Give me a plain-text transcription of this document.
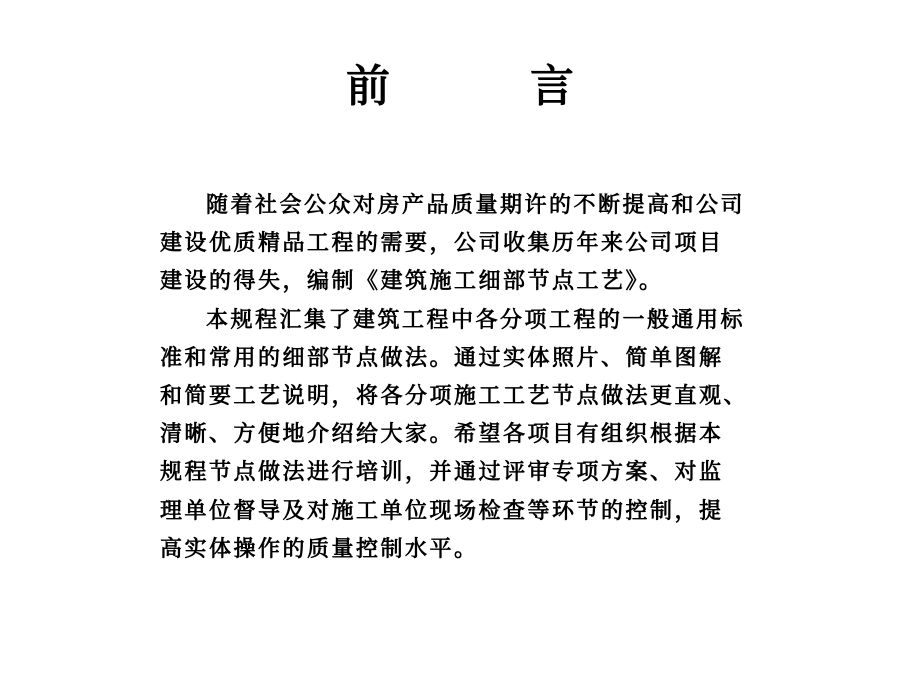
前　言
随着社会公众对房产品质量期许的不断提高和公司
建设优质精品工程的需要，公司收集历年来公司项目
建设的得失，编制《建筑施工细部节点工艺》。
本规程汇集了建筑工程中各分项工程的一般通用标
准和常用的细部节点做法。通过实体照片、简单图解
和简要工艺说明，将各分项施工工艺节点做法更直观、
清晰、方便地介绍给大家。希望各项目有组织根据本
规程节点做法进行培训，并通过评审专项方案、对监
理单位督导及对施工单位现场检查等环节的控制，提
高实体操作的质量控制水平。
